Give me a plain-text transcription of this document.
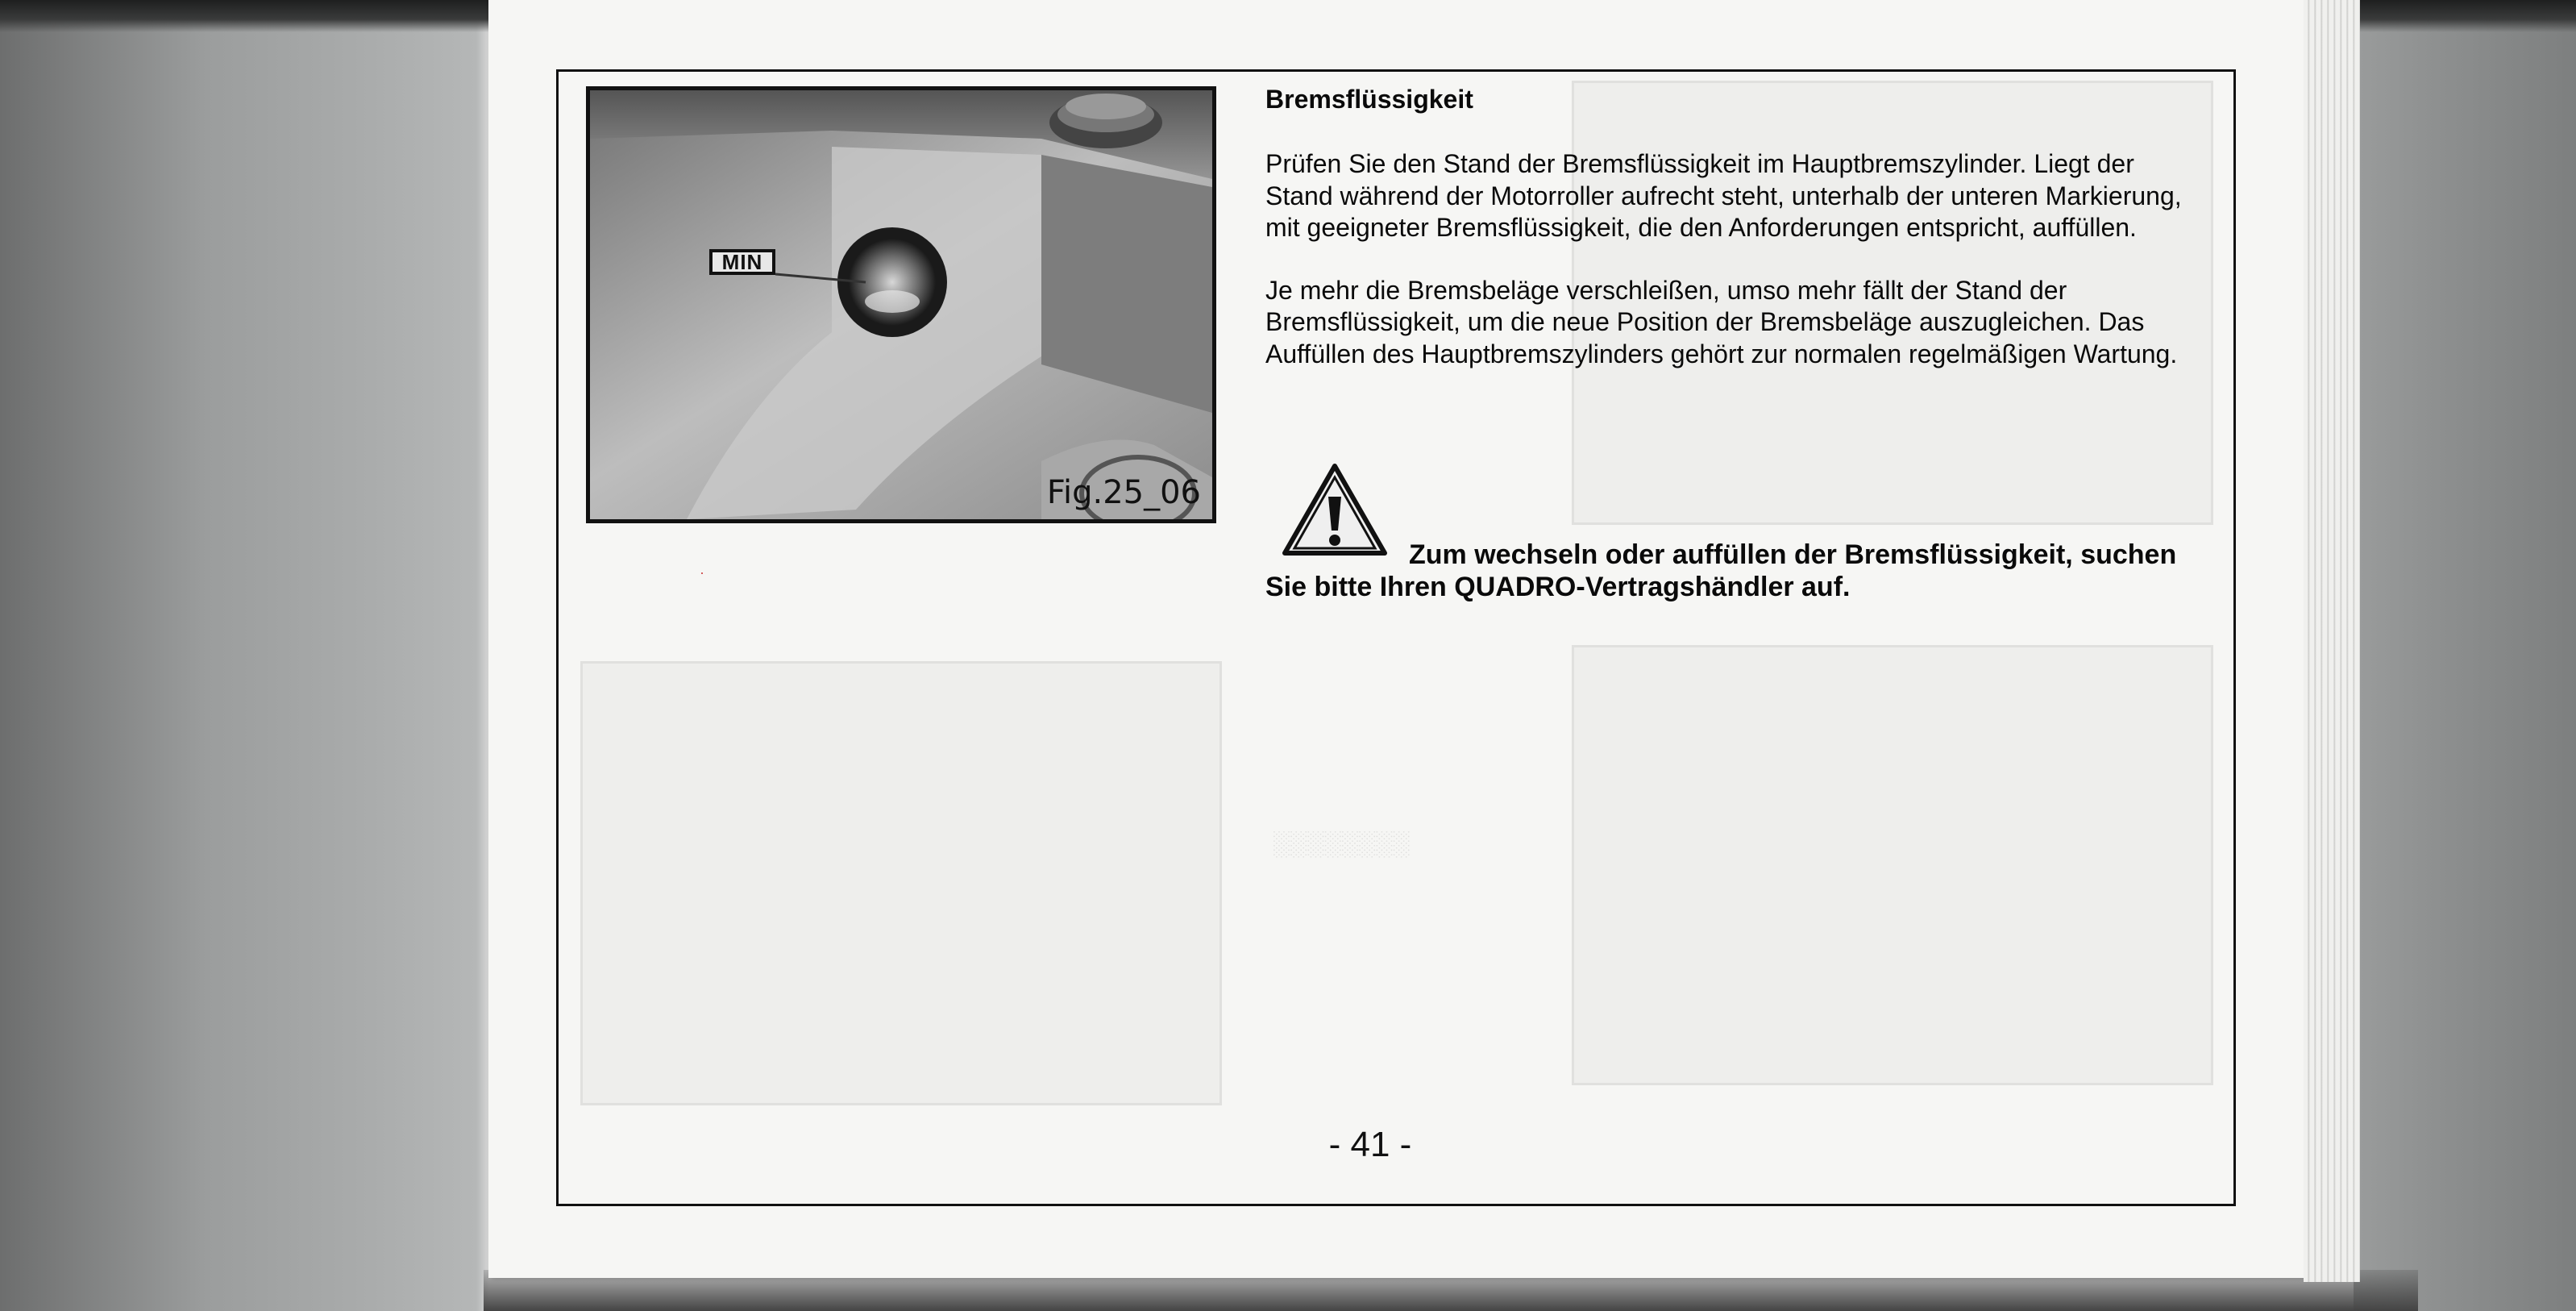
░░░░░░░░
MIN
Fig.25_06
Bremsflüssigkeit

Prüfen Sie den Stand der Bremsflüssigkeit im Hauptbremszylinder. Liegt der Stand während der Motorroller aufrecht steht, unterhalb der unteren Markierung, mit geeigneter Bremsflüssigkeit, die den Anforderungen entspricht, auffüllen.

Je mehr die Bremsbeläge verschleißen, umso mehr fällt der Stand der Bremsflüssigkeit, um die neue Position der Bremsbeläge auszugleichen. Das Auffüllen des Hauptbremszylinders gehört zur normalen regelmäßigen Wartung.

Zum wechseln oder auffüllen der Bremsflüssigkeit, suchen
Sie bitte Ihren QUADRO-Vertragshändler auf.
- 41 -
·
